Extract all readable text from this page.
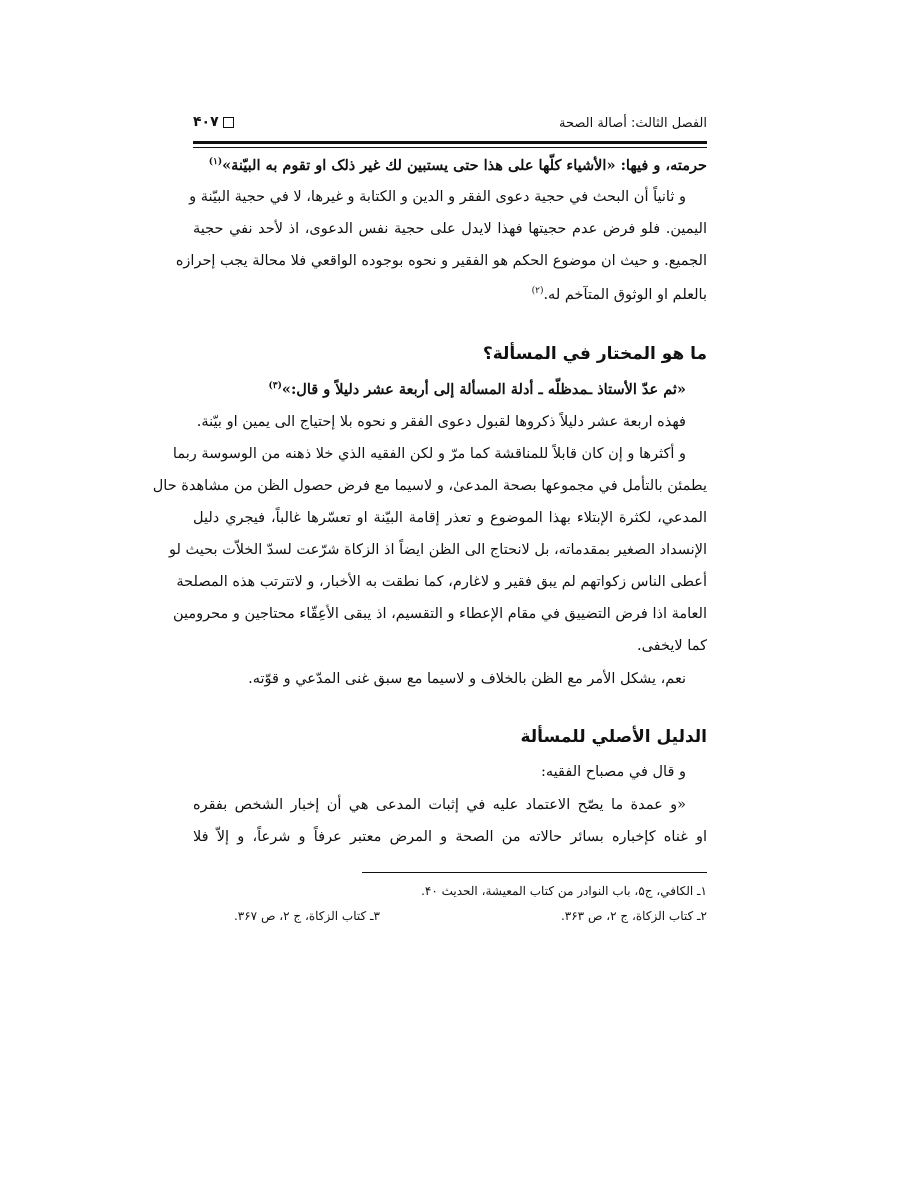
الفصل الثالث: أصالة الصحة
۴۰۷
حرمته، و فيها: «الأشياء كلّها على هذا حتى يستبين لك غير ذلک او تقوم به البيّنة»$^{(۱)}$
و ثانياً أن البحث في حجية دعوى الفقر و الدين و الكتابة و غيرها، لا في حجية البيّنة و
اليمين. فلو فرض عدم حجيتها فهذا لايدل على حجية نفس الدعوى، اذ لأحد نفي حجية
الجميع. و حيث ان موضوع الحكم هو الفقير و نحوه بوجوده الواقعي فلا محالة يجب إحرازه
بالعلم او الوثوق المتآخم له.$^{(۲)}$
ما هو المختار في المسألة؟
«ثم عدّ الأستاذ ـمدظلّه ـ أدلة المسألة إلى أربعة عشر دليلاً و قال:»$^{(۳)}$
فهذه اربعة عشر دليلاً ذكروها لقبول دعوى الفقر و نحوه بلا إحتياج الى يمين او بيّنة.
و أكثرها و إن كان قابلاً للمناقشة كما مرّ و لكن الفقيه الذي خلا ذهنه من الوسوسة ربما
يطمئن بالتأمل في مجموعها بصحة المدعىٰ، و لاسيما مع فرض حصول الظن من مشاهدة حال
المدعي، لكثرة الإبتلاء بهذا الموضوع و تعذر إقامة البيّنة او تعسّرها غالباً، فيجري دليل
الإنسداد الصغير بمقدماته، بل لانحتاج الى الظن ايضاً اذ الزكاة شرّعت لسدّ الخلاّت بحيث لو
أعطى الناس زكواتهم لم يبق فقير و لاغارم، كما نطقت به الأخبار، و لاتترتب هذه المصلحة
العامة اذا فرض التضييق في مقام الإعطاء و التقسيم، اذ يبقى الأعِقّاء محتاجين و محرومين
كما لايخفى.
نعم، يشكل الأمر مع الظن بالخلاف و لاسيما مع سبق غنى المدّعي و قوّته.
الدليل الأصلي للمسألة
و قال في مصباح الفقيه:
«و عمدة ما يصّح الاعتماد عليه في إثبات المدعى هي أن إخبار الشخص بفقره
او غناه كإخباره بسائر حالاته من الصحة و المرض معتبر عرفاً و شرعاً، و إلاّ فلا
۱ـ الكافي، ج۵، باب النوادر من كتاب المعيشة، الحديث ۴۰.
۲ـ كتاب الزكاة، ج ۲، ص ۳۶۳.
۳ـ كتاب الزكاة، ج ۲، ص ۳۶۷.
